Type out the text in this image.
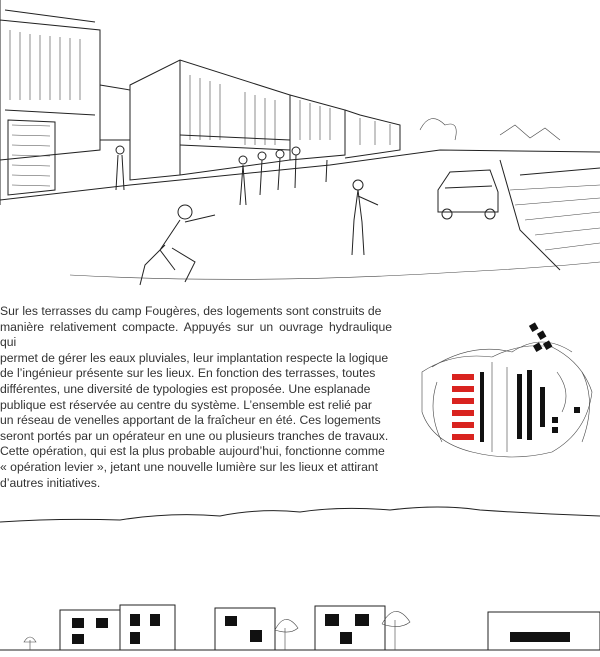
Sur les terrasses du camp Fougères, des logements sont construits de
manière relativement compacte. Appuyés sur un ouvrage hydraulique qui
permet de gérer les eaux pluviales, leur implantation respecte la logique
de l’ingénieur présente sur les lieux. En fonction des terrasses, toutes
différentes, une diversité de typologies est proposée. Une esplanade
publique est réservée au centre du système. L’ensemble est relié par
un réseau de venelles apportant de la fraîcheur en été. Ces logements
seront portés par un opérateur en une ou plusieurs tranches de travaux.
Cette opération, qui est la plus probable aujourd’hui, fonctionne comme
« opération levier », jetant une nouvelle lumière sur les lieux et attirant
d’autres initiatives.
